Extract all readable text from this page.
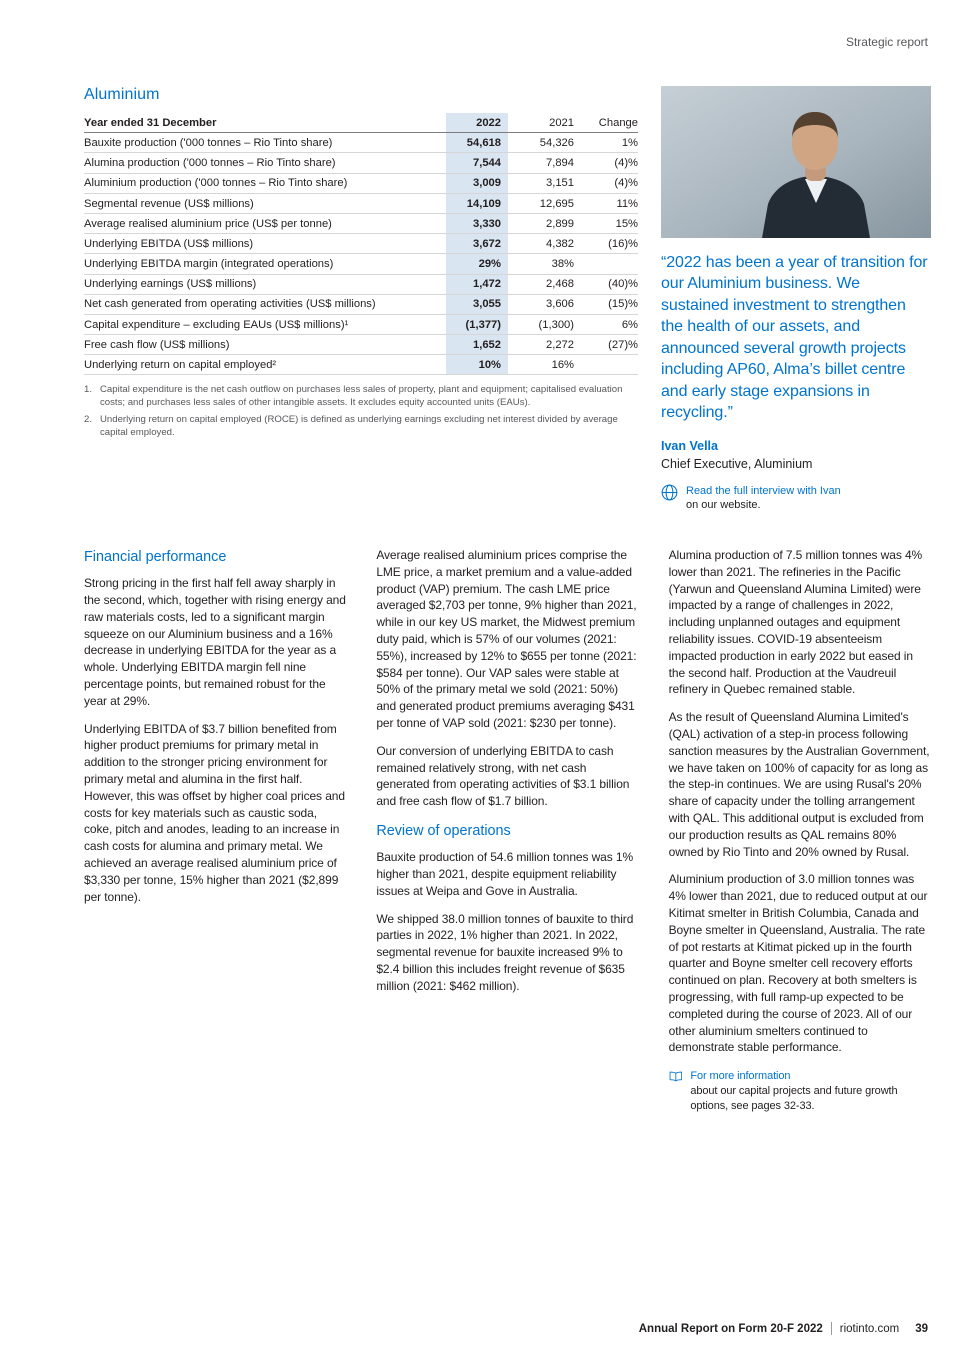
Strategic report
Aluminium
Year ended 31 December	2022	2021	Change
Bauxite production ('000 tonnes – Rio Tinto share)	54,618	54,326	1%
Alumina production ('000 tonnes – Rio Tinto share)	7,544	7,894	(4)%
Aluminium production ('000 tonnes – Rio Tinto share)	3,009	3,151	(4)%
Segmental revenue (US$ millions)	14,109	12,695	11%
Average realised aluminium price (US$ per tonne)	3,330	2,899	15%
Underlying EBITDA (US$ millions)	3,672	4,382	(16)%
Underlying EBITDA margin (integrated operations)	29%	38%	
Underlying earnings (US$ millions)	1,472	2,468	(40)%
Net cash generated from operating activities (US$ millions)	3,055	3,606	(15)%
Capital expenditure – excluding EAUs (US$ millions)¹	(1,377)	(1,300)	6%
Free cash flow (US$ millions)	1,652	2,272	(27)%
Underlying return on capital employed²	10%	16%	
1. Capital expenditure is the net cash outflow on purchases less sales of property, plant and equipment; capitalised evaluation costs; and purchases less sales of other intangible assets. It excludes equity accounted units (EAUs).
2. Underlying return on capital employed (ROCE) is defined as underlying earnings excluding net interest divided by average capital employed.
“2022 has been a year of transition for our Aluminium business. We sustained investment to strengthen the health of our assets, and announced several growth projects including AP60, Alma’s billet centre and early stage expansions in recycling.”
Ivan Vella
Chief Executive, Aluminium
Read the full interview with Ivan
on our website.
Financial performance

Strong pricing in the first half fell away sharply in the second, which, together with rising energy and raw materials costs, led to a significant margin squeeze on our Aluminium business and a 16% decrease in underlying EBITDA for the year as a whole. Underlying EBITDA margin fell nine percentage points, but remained robust for the year at 29%.

Underlying EBITDA of $3.7 billion benefited from higher product premiums for primary metal in addition to the stronger pricing environment for primary metal and alumina in the first half. However, this was offset by higher coal prices and costs for key materials such as caustic soda, coke, pitch and anodes, leading to an increase in cash costs for alumina and primary metal. We achieved an average realised aluminium price of $3,330 per tonne, 15% higher than 2021 ($2,899 per tonne).

Average realised aluminium prices comprise the LME price, a market premium and a value-added product (VAP) premium. The cash LME price averaged $2,703 per tonne, 9% higher than 2021, while in our key US market, the Midwest premium duty paid, which is 57% of our volumes (2021: 55%), increased by 12% to $655 per tonne (2021: $584 per tonne). Our VAP sales were stable at 50% of the primary metal we sold (2021: 50%) and generated product premiums averaging $431 per tonne of VAP sold (2021: $230 per tonne).

Our conversion of underlying EBITDA to cash remained relatively strong, with net cash generated from operating activities of $3.1 billion and free cash flow of $1.7 billion.

Review of operations

Bauxite production of 54.6 million tonnes was 1% higher than 2021, despite equipment reliability issues at Weipa and Gove in Australia.

We shipped 38.0 million tonnes of bauxite to third parties in 2022, 1% higher than 2021. In 2022, segmental revenue for bauxite increased 9% to $2.4 billion this includes freight revenue of $635 million (2021: $462 million).

Alumina production of 7.5 million tonnes was 4% lower than 2021. The refineries in the Pacific (Yarwun and Queensland Alumina Limited) were impacted by a range of challenges in 2022, including unplanned outages and equipment reliability issues. COVID-19 absenteeism impacted production in early 2022 but eased in the second half. Production at the Vaudreuil refinery in Quebec remained stable.

As the result of Queensland Alumina Limited's (QAL) activation of a step-in process following sanction measures by the Australian Government, we have taken on 100% of capacity for as long as the step-in continues. We are using Rusal's 20% share of capacity under the tolling arrangement with QAL. This additional output is excluded from our production results as QAL remains 80% owned by Rio Tinto and 20% owned by Rusal.

Aluminium production of 3.0 million tonnes was 4% lower than 2021, due to reduced output at our Kitimat smelter in British Columbia, Canada and Boyne smelter in Queensland, Australia. The rate of pot restarts at Kitimat picked up in the fourth quarter and Boyne smelter cell recovery efforts continued on plan. Recovery at both smelters is progressing, with full ramp-up expected to be completed during the course of 2023. All of our other aluminium smelters continued to demonstrate stable performance.

For more information
about our capital projects and future growth options, see pages 32-33.
Annual Report on Form 20-F 2022 riotinto.com 39
